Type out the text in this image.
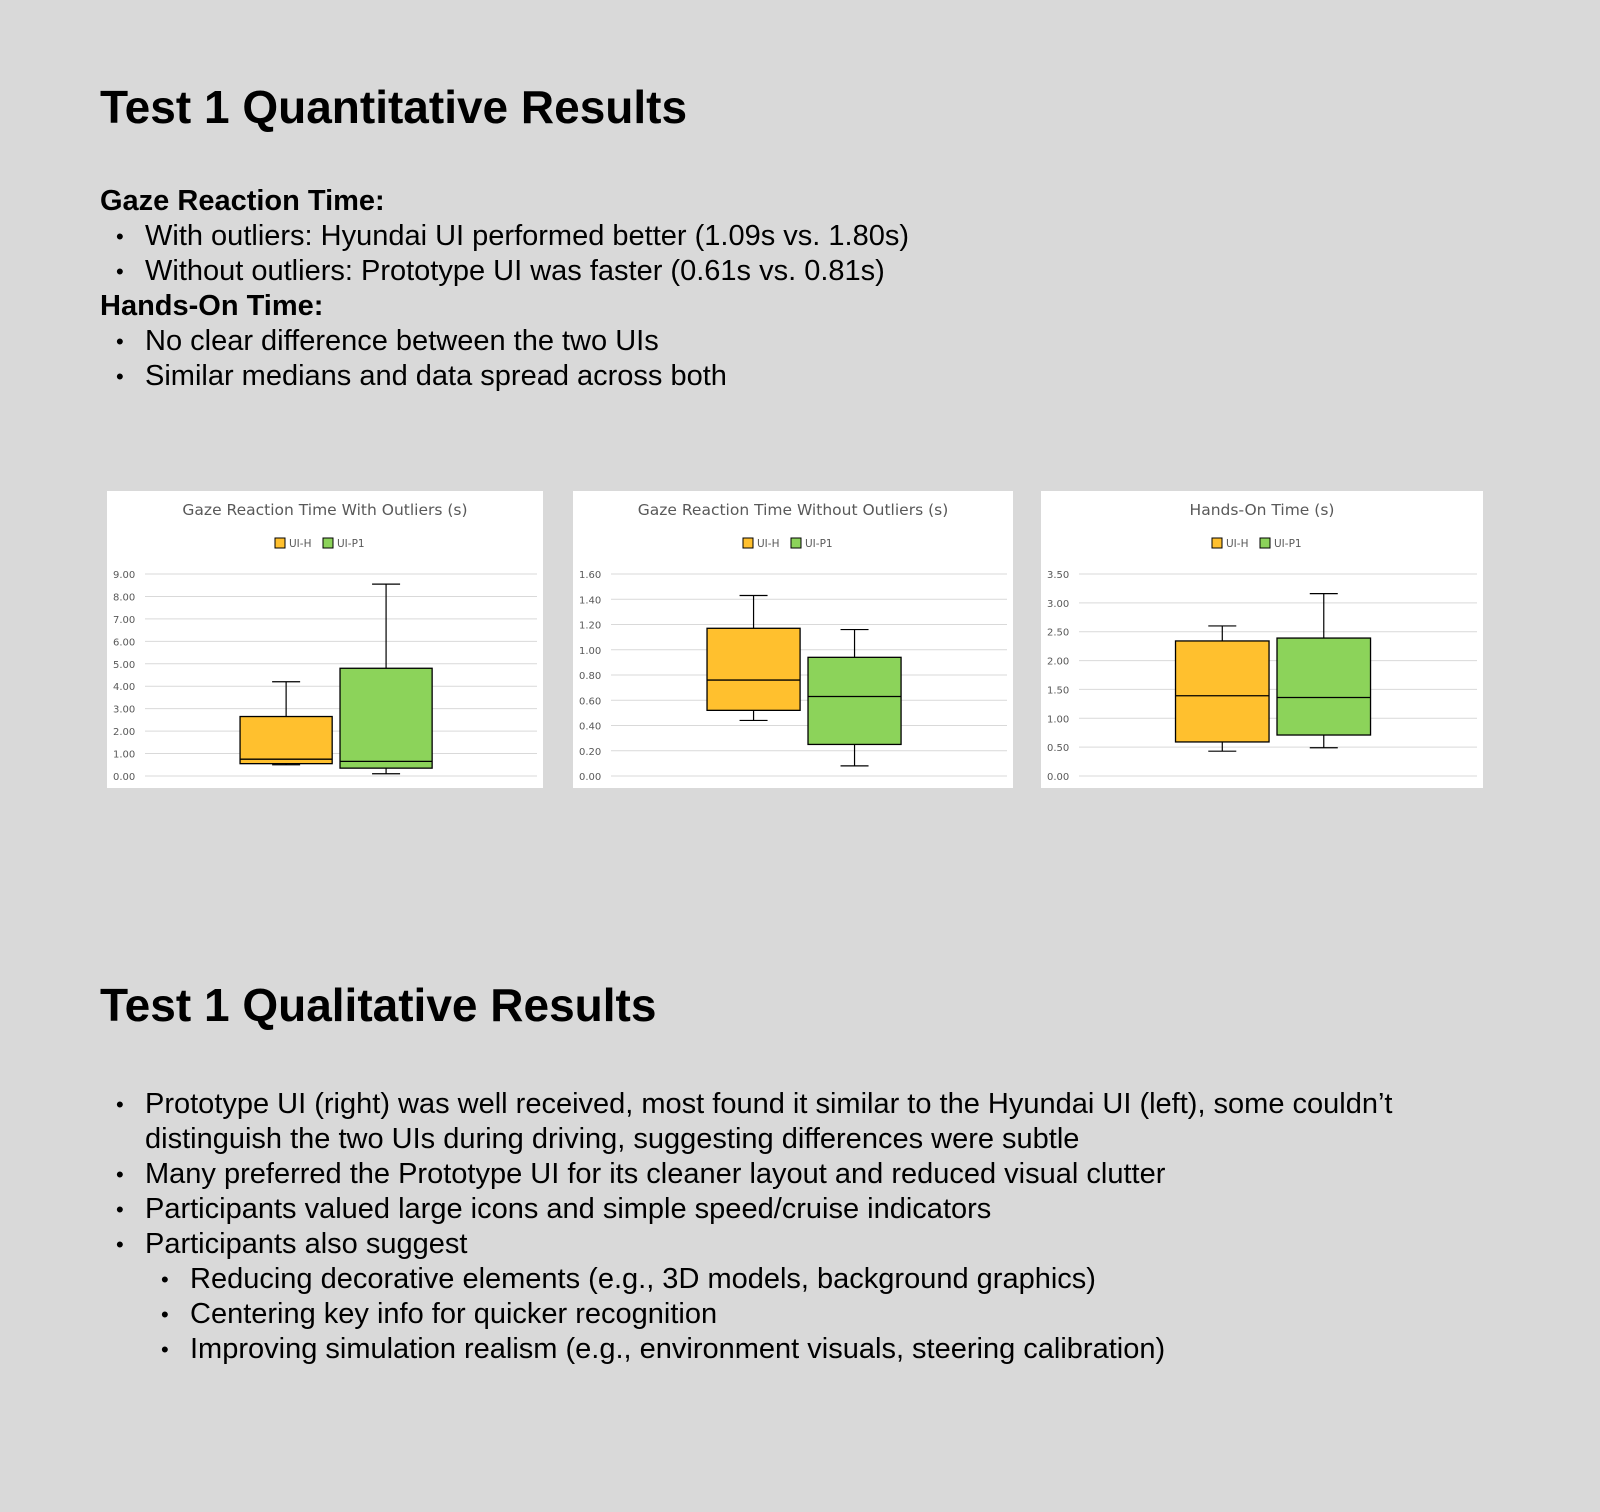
Test 1 Quantitative Results
Gaze Reaction Time:
• With outliers: Hyundai UI performed better (1.09s vs. 1.80s)
• Without outliers: Prototype UI was faster (0.61s vs. 0.81s)
Hands-On Time:
• No clear difference between the two UIs
• Similar medians and data spread across both
Gaze Reaction Time With Outliers (s)
UI-H UI-P1
0.00
1.00
2.00
3.00
4.00
5.00
6.00
7.00
8.00
9.00
Gaze Reaction Time Without Outliers (s)
UI-H UI-P1
0.00
0.20
0.40
0.60
0.80
1.00
1.20
1.40
1.60
Hands-On Time (s)
UI-H UI-P1
0.00
0.50
1.00
1.50
2.00
2.50
3.00
3.50
Test 1 Qualitative Results
• Prototype UI (right) was well received, most found it similar to the Hyundai UI (left), some couldn’t distinguish the two UIs during driving, suggesting differences were subtle
• Many preferred the Prototype UI for its cleaner layout and reduced visual clutter
• Participants valued large icons and simple speed/cruise indicators
• Participants also suggest
• Reducing decorative elements (e.g., 3D models, background graphics)
• Centering key info for quicker recognition
• Improving simulation realism (e.g., environment visuals, steering calibration)
